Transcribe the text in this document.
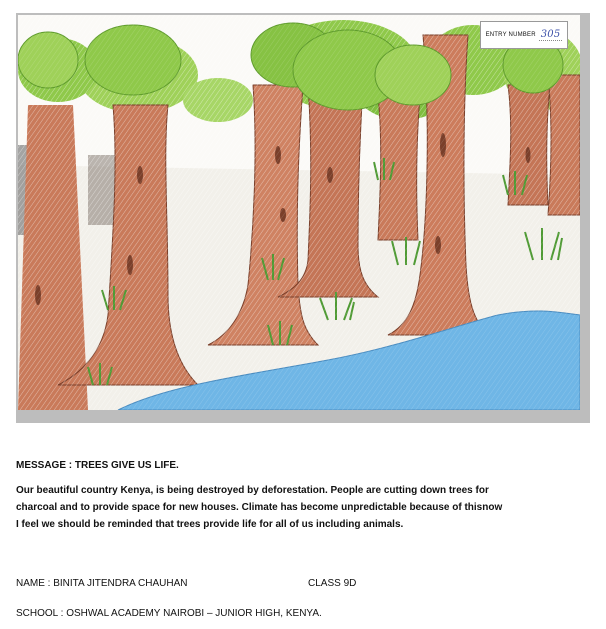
ENTRY NUMBER 305
MESSAGE : TREES GIVE US LIFE.
Our beautiful country Kenya, is being destroyed by deforestation. People are cutting down trees for
charcoal and to provide space for new houses. Climate has become unpredictable because of thisnow
I feel we should be reminded that trees provide life for all of us including animals.
NAME : BINITA JITENDRA CHAUHAN	CLASS 9D
SCHOOL : OSHWAL ACADEMY NAIROBI – JUNIOR HIGH, KENYA.
